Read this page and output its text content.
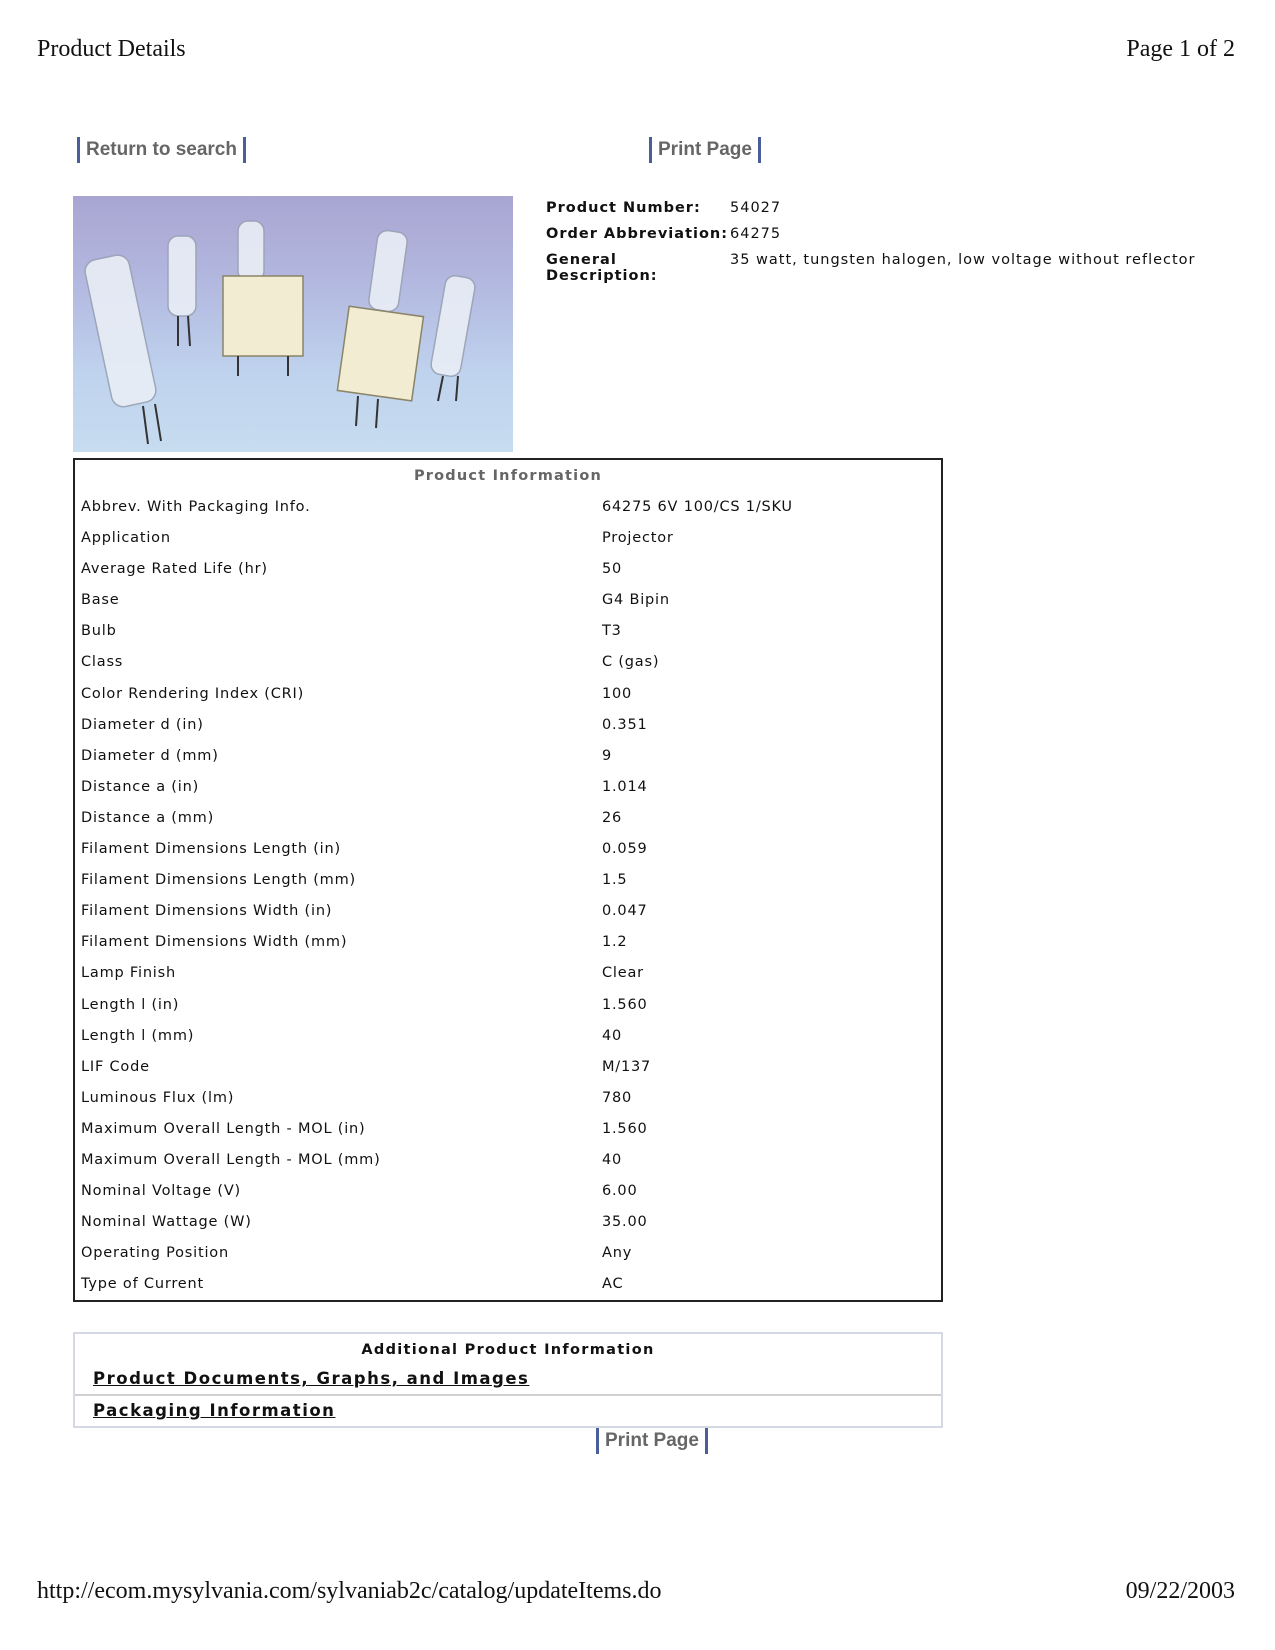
Product Details	Page 1 of 2
Return to search	Print Page
Product Number:	54027
Order Abbreviation: 64275
General Description:
35 watt, tungsten halogen, low voltage without reflector
Product Information
Abbrev. With Packaging Info.	64275 6V 100/CS 1/SKU
Application	Projector
Average Rated Life (hr)	50
Base	G4 Bipin
Bulb	T3
Class	C (gas)
Color Rendering Index (CRI)	100
Diameter d (in)	0.351
Diameter d (mm)	9
Distance a (in)	1.014
Distance a (mm)	26
Filament Dimensions Length (in)	0.059
Filament Dimensions Length (mm)	1.5
Filament Dimensions Width (in)	0.047
Filament Dimensions Width (mm)	1.2
Lamp Finish	Clear
Length l (in)	1.560
Length l (mm)	40
LIF Code	M/137
Luminous Flux (lm)	780
Maximum Overall Length - MOL (in)	1.560
Maximum Overall Length - MOL (mm)	40
Nominal Voltage (V)	6.00
Nominal Wattage (W)	35.00
Operating Position	Any
Type of Current	AC
Additional Product Information
Product Documents, Graphs, and Images
Packaging Information
Print Page
http://ecom.mysylvania.com/sylvaniab2c/catalog/updateItems.do	09/22/2003
